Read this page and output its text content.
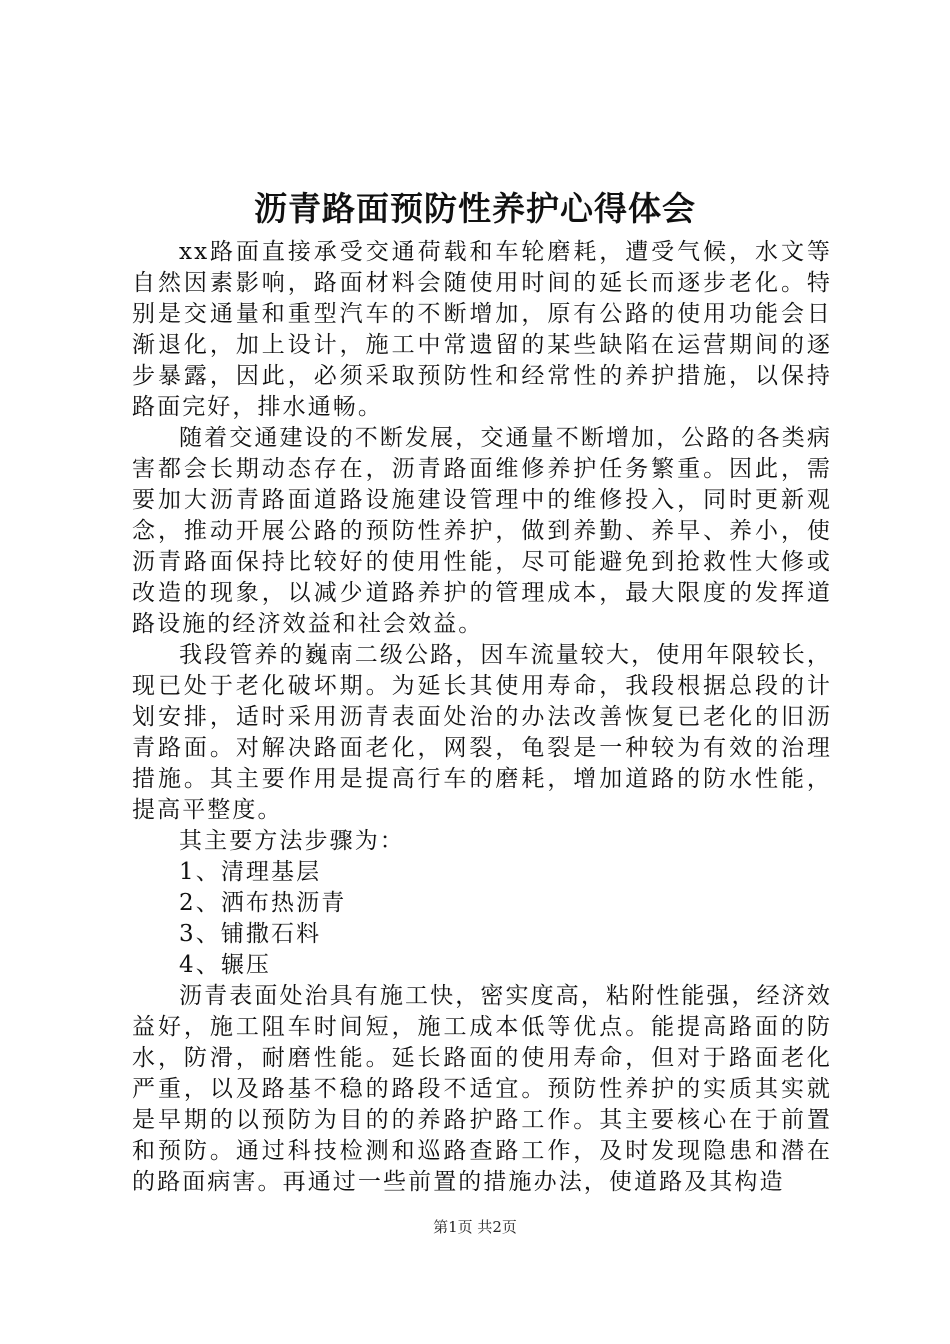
沥青路面预防性养护心得体会

xx路面直接承受交通荷载和车轮磨耗，遭受气候，水文等自然因素影响，路面材料会随使用时间的延长而逐步老化。特别是交通量和重型汽车的不断增加，原有公路的使用功能会日渐退化，加上设计，施工中常遗留的某些缺陷在运营期间的逐步暴露，因此，必须采取预防性和经常性的养护措施，以保持路面完好，排水通畅。

随着交通建设的不断发展，交通量不断增加，公路的各类病害都会长期动态存在，沥青路面维修养护任务繁重。因此，需要加大沥青路面道路设施建设管理中的维修投入，同时更新观念，推动开展公路的预防性养护，做到养勤、养早、养小，使沥青路面保持比较好的使用性能，尽可能避免到抢救性大修或改造的现象，以减少道路养护的管理成本，最大限度的发挥道路设施的经济效益和社会效益。

我段管养的巍南二级公路，因车流量较大，使用年限较长，现已处于老化破坏期。为延长其使用寿命，我段根据总段的计划安排，适时采用沥青表面处治的办法改善恢复已老化的旧沥青路面。对解决路面老化，网裂，龟裂是一种较为有效的治理措施。其主要作用是提高行车的磨耗，增加道路的防水性能，提高平整度。

其主要方法步骤为：

1、清理基层

2、洒布热沥青

3、铺撒石料

4、辗压

沥青表面处治具有施工快，密实度高，粘附性能强，经济效益好，施工阻车时间短，施工成本低等优点。能提高路面的防水，防滑，耐磨性能。延长路面的使用寿命，但对于路面老化严重，以及路基不稳的路段不适宜。预防性养护的实质其实就是早期的以预防为目的的养路护路工作。其主要核心在于前置和预防。通过科技检测和巡路查路工作，及时发现隐患和潜在的路面病害。再通过一些前置的措施办法，使道路及其构造

第1页 共2页
